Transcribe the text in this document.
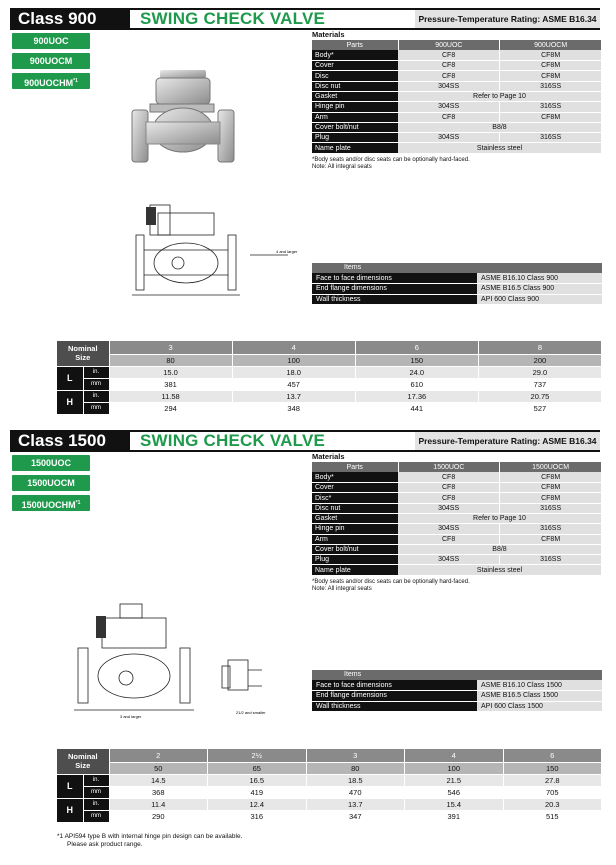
Class 900	SWING CHECK VALVE	Pressure-Temperature Rating: ASME B16.34
900UOC
900UOCM
900UOCHM$^{*1}$
4 and larger
Materials
Parts	900UOC	900UOCM
Body*	CF8	CF8M
Cover	CF8	CF8M
Disc	CF8	CF8M
Disc nut	304SS	316SS
Gasket	Refer to Page 10	
Hinge pin	304SS	316SS
Arm	CF8	CF8M
Cover bolt/nut	B8/8	
Plug	304SS	316SS
Name plate	Stainless steel	
*Body seats and/or disc seats can be optionally hard-faced.
Note: All integral seats
Items
Face to face dimensions	ASME B16.10 Class 900
End flange dimensions	ASME B16.5 Class 900
Wall thickness	API 600 Class 900
Nominal
Size		3	4	6	8
		80	100	150	200
L	in.	15.0	18.0	24.0	29.0
	mm	381	457	610	737
H	in.	11.58	13.7	17.36	20.75
	mm	294	348	441	527
Class 1500	SWING CHECK VALVE	Pressure-Temperature Rating: ASME B16.34
1500UOC
1500UOCM
1500UOCHM$^{*1}$
3 and larger
21/2 and smaller
Materials
Parts	1500UOC	1500UOCM
Body*	CF8	CF8M
Cover	CF8	CF8M
Disc*	CF8	CF8M
Disc nut	304SS	316SS
Gasket	Refer to Page 10	
Hinge pin	304SS	316SS
Arm	CF8	CF8M
Cover bolt/nut	B8/8	
Plug	304SS	316SS
Name plate	Stainless steel	
*Body seats and/or disc seats can be optionally hard-faced.
Note: All integral seats
Items
Face to face dimensions	ASME B16.10 Class 1500
End flange dimensions	ASME B16.5 Class 1500
Wall thickness	API 600 Class 1500
Nominal
Size		2	2½	3	4	6
		50	65	80	100	150
L	in.	14.5	16.5	18.5	21.5	27.8
	mm	368	419	470	546	705
H	in.	11.4	12.4	13.7	15.4	20.3
	mm	290	316	347	391	515
*1 API594 type B with internal hinge pin design can be available.
Please ask product range.
